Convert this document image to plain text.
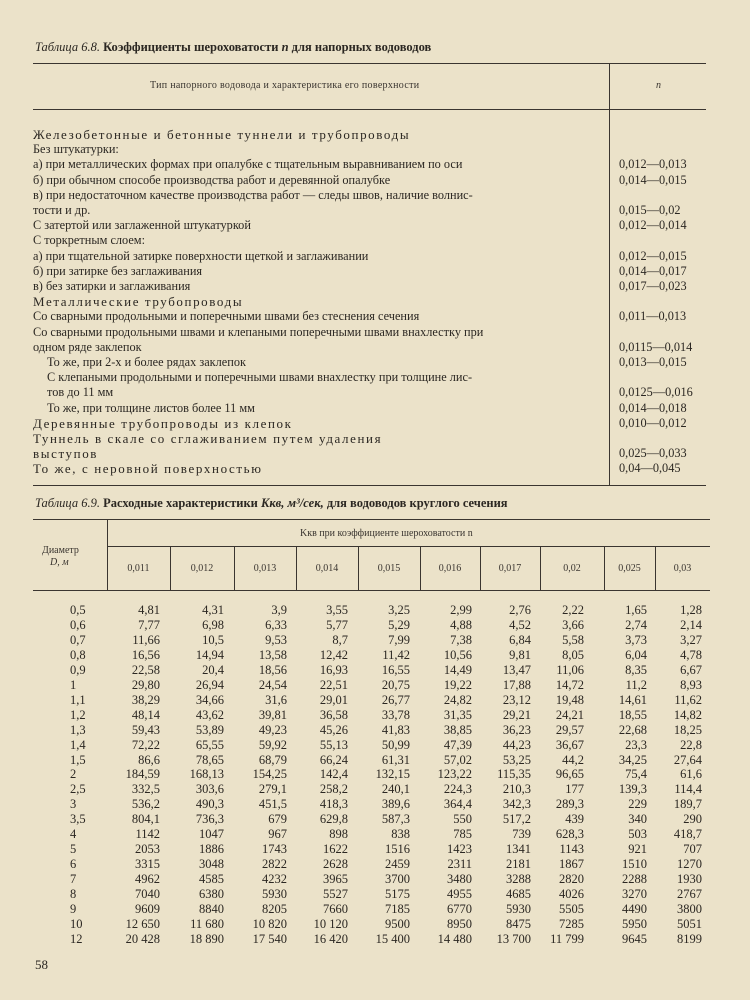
Таблица 6.8. Коэффициенты шероховатости n для напорных водоводов
Тип напорного водовода и характеристика его поверхности	n
Железобетонные и бетонные туннели и трубопроводы
Без штукатурки:
а) при металлических формах при опалубке с тщательным выравниванием по оси	0,012—0,013
б) при обычном способе производства работ и деревянной опалубке	0,014—0,015
в) при недостаточном качестве производства работ — следы швов, наличие волнис-
тости и др.	0,015—0,02
С затертой или заглаженной штукатуркой	0,012—0,014
С торкретным слоем:
а) при тщательной затирке поверхности щеткой и заглаживании	0,012—0,015
б) при затирке без заглаживания	0,014—0,017
в) без затирки и заглаживания	0,017—0,023
Металлические трубопроводы
Со сварными продольными и поперечными швами без стеснения сечения	0,011—0,013
Со сварными продольными швами и клепаными поперечными швами внахлестку при
одном ряде заклепок	0,0115—0,014
То же, при 2-х и более рядах заклепок	0,013—0,015
С клепаными продольными и поперечными швами внахлестку при толщине лис-
тов до 11 мм	0,0125—0,016
То же, при толщине листов более 11 мм	0,014—0,018
Деревянные трубопроводы из клепок	0,010—0,012
Туннель в скале со сглаживанием путем удаления
выступов	0,025—0,033
То же, с неровной поверхностью	0,04—0,045
Таблица 6.9. Расходные характеристики Kкв, м³/сек, для водоводов круглого сечения
Диаметр
D, м
Kкв при коэффициенте шероховатости n
0,011	0,012	0,013	0,014	0,015	0,016	0,017	0,02	0,025	0,03
0,5	4,81	4,31	3,9	3,55	3,25	2,99	2,76	2,22	1,65	1,28
0,6	7,77	6,98	6,33	5,77	5,29	4,88	4,52	3,66	2,74	2,14
0,7	11,66	10,5	9,53	8,7	7,99	7,38	6,84	5,58	3,73	3,27
0,8	16,56	14,94	13,58	12,42	11,42	10,56	9,81	8,05	6,04	4,78
0,9	22,58	20,4	18,56	16,93	16,55	14,49	13,47	11,06	8,35	6,67
1	29,80	26,94	24,54	22,51	20,75	19,22	17,88	14,72	11,2	8,93
1,1	38,29	34,66	31,6	29,01	26,77	24,82	23,12	19,48	14,61	11,62
1,2	48,14	43,62	39,81	36,58	33,78	31,35	29,21	24,21	18,55	14,82
1,3	59,43	53,89	49,23	45,26	41,83	38,85	36,23	29,57	22,68	18,25
1,4	72,22	65,55	59,92	55,13	50,99	47,39	44,23	36,67	23,3	22,8
1,5	86,6	78,65	68,79	66,24	61,31	57,02	53,25	44,2	34,25	27,64
2	184,59	168,13	154,25	142,4	132,15	123,22	115,35	96,65	75,4	61,6
2,5	332,5	303,6	279,1	258,2	240,1	224,3	210,3	177	139,3	114,4
3	536,2	490,3	451,5	418,3	389,6	364,4	342,3	289,3	229	189,7
3,5	804,1	736,3	679	629,8	587,3	550	517,2	439	340	290
4	1142	1047	967	898	838	785	739	628,3	503	418,7
5	2053	1886	1743	1622	1516	1423	1341	1143	921	707
6	3315	3048	2822	2628	2459	2311	2181	1867	1510	1270
7	4962	4585	4232	3965	3700	3480	3288	2820	2288	1930
8	7040	6380	5930	5527	5175	4955	4685	4026	3270	2767
9	9609	8840	8205	7660	7185	6770	5930	5505	4490	3800
10	12 650	11 680	10 820	10 120	9500	8950	8475	7285	5950	5051
12	20 428	18 890	17 540	16 420	15 400	14 480	13 700	11 799	9645	8199
58
